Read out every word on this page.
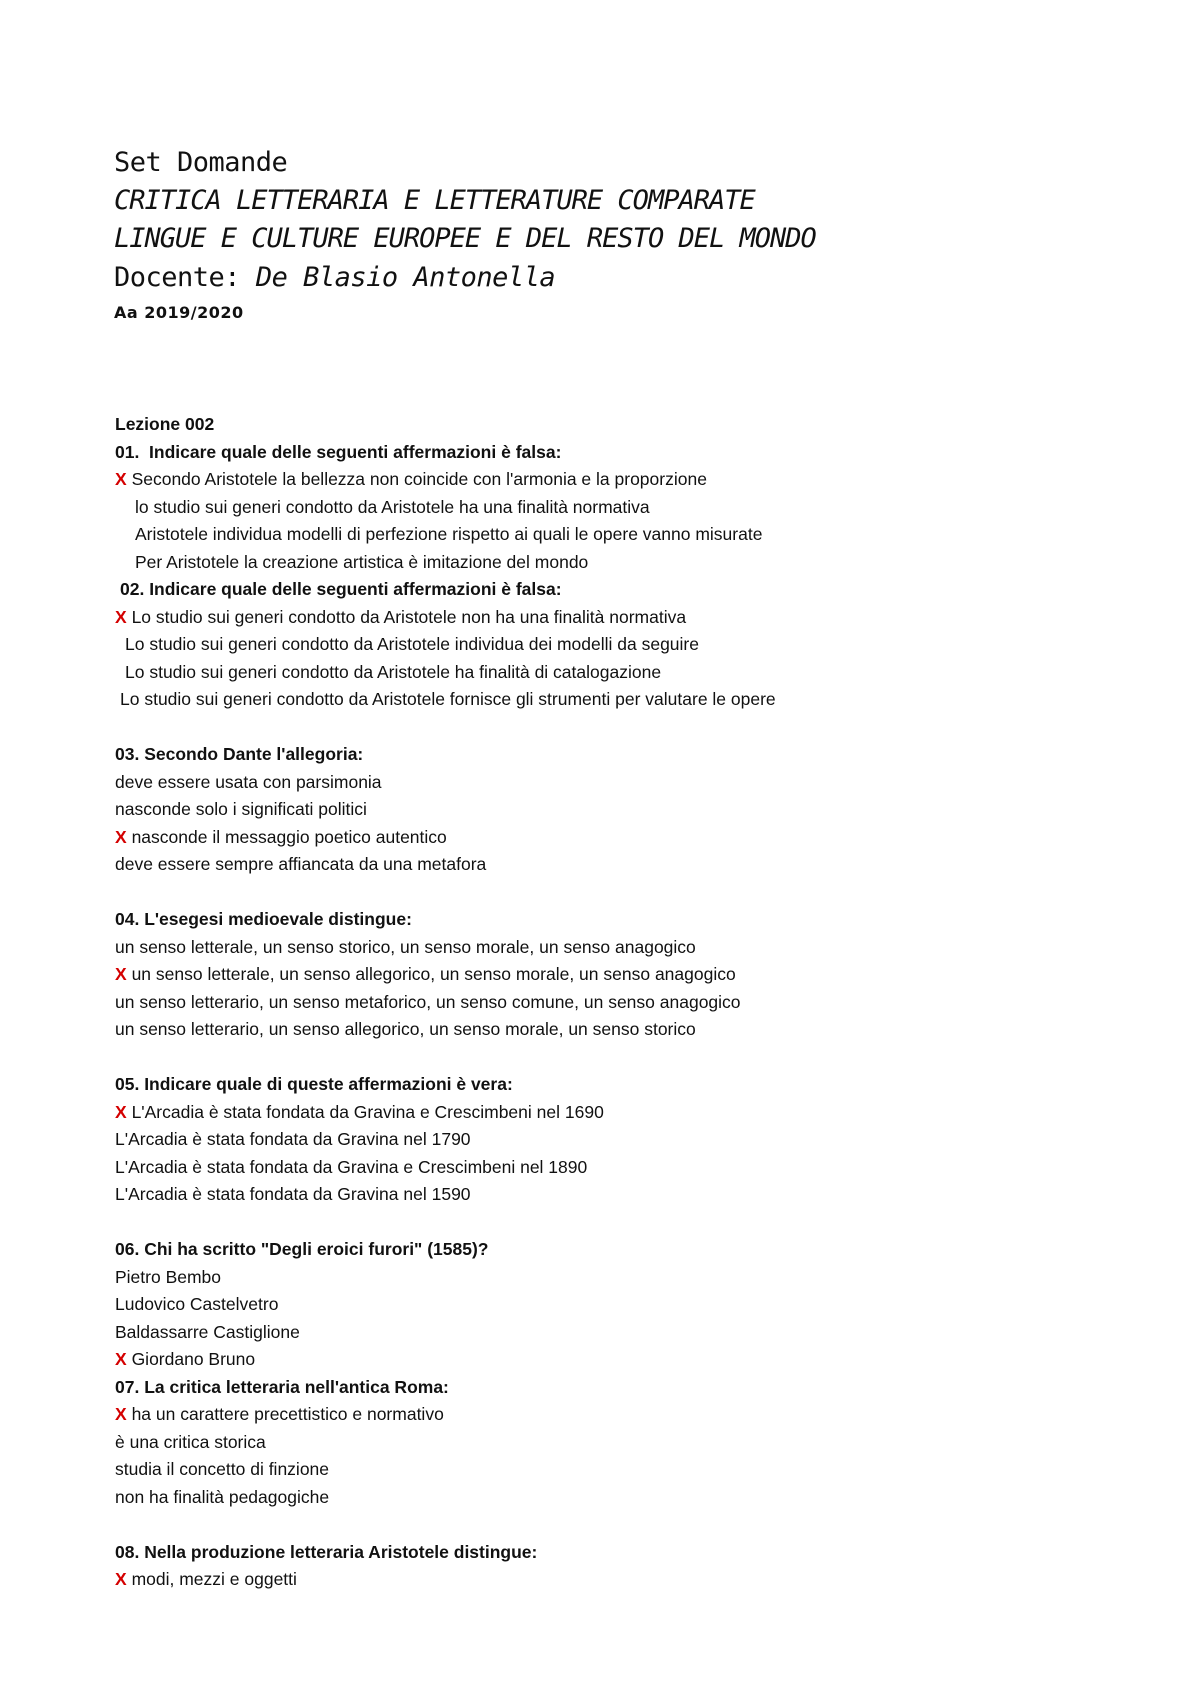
Set Domande

CRITICA LETTERARIA E LETTERATURE COMPARATE

LINGUE E CULTURE EUROPEE E DEL RESTO DEL MONDO

Docente: De Blasio Antonella

Aa 2019/2020

Lezione 002
01.  Indicare quale delle seguenti affermazioni è falsa:
X Secondo Aristotele la bellezza non coincide con l'armonia e la proporzione
lo studio sui generi condotto da Aristotele ha una finalità normativa
Aristotele individua modelli di perfezione rispetto ai quali le opere vanno misurate
Per Aristotele la creazione artistica è imitazione del mondo
02. Indicare quale delle seguenti affermazioni è falsa:
X Lo studio sui generi condotto da Aristotele non ha una finalità normativa
Lo studio sui generi condotto da Aristotele individua dei modelli da seguire
Lo studio sui generi condotto da Aristotele ha finalità di catalogazione
Lo studio sui generi condotto da Aristotele fornisce gli strumenti per valutare le opere
03. Secondo Dante l'allegoria:
deve essere usata con parsimonia
nasconde solo i significati politici
X nasconde il messaggio poetico autentico
deve essere sempre affiancata da una metafora
04. L'esegesi medioevale distingue:
un senso letterale, un senso storico, un senso morale, un senso anagogico
X un senso letterale, un senso allegorico, un senso morale, un senso anagogico
un senso letterario, un senso metaforico, un senso comune, un senso anagogico
un senso letterario, un senso allegorico, un senso morale, un senso storico
05. Indicare quale di queste affermazioni è vera:
X L'Arcadia è stata fondata da Gravina e Crescimbeni nel 1690
L'Arcadia è stata fondata da Gravina nel 1790
L'Arcadia è stata fondata da Gravina e Crescimbeni nel 1890
L'Arcadia è stata fondata da Gravina nel 1590
06. Chi ha scritto "Degli eroici furori" (1585)?
Pietro Bembo
Ludovico Castelvetro
Baldassarre Castiglione
X Giordano Bruno
07. La critica letteraria nell'antica Roma:
X ha un carattere precettistico e normativo
è una critica storica
studia il concetto di finzione
non ha finalità pedagogiche
08. Nella produzione letteraria Aristotele distingue:
X modi, mezzi e oggetti
